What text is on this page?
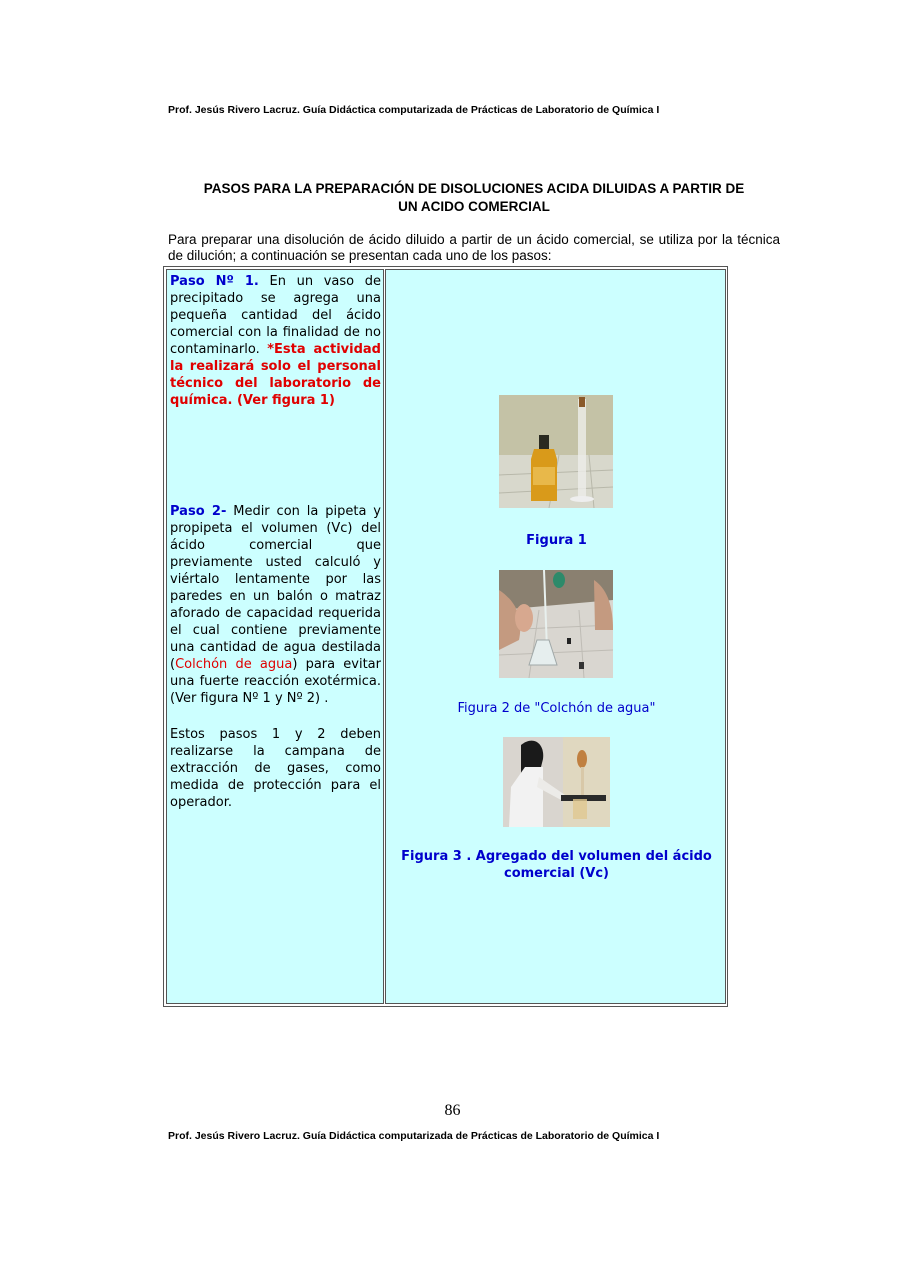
Prof. Jesús Rivero Lacruz. Guía Didáctica computarizada de Prácticas de Laboratorio de Química I
PASOS PARA LA PREPARACIÓN DE DISOLUCIONES ACIDA DILUIDAS A PARTIR DE
UN ACIDO COMERCIAL
Para preparar una disolución de ácido diluido a partir de un ácido comercial, se utiliza por la técnica de dilución; a continuación se presentan cada uno de los pasos:

Paso Nº 1. En un vaso de precipitado se agrega una pequeña cantidad del ácido comercial con la finalidad de no contaminarlo. *Esta actividad la realizará solo el personal técnico del laboratorio de química. (Ver figura 1)

Paso 2- Medir con la pipeta y propipeta el volumen (Vc) del ácido comercial que previamente usted calculó y viértalo lentamente por las paredes en un balón o matraz aforado de capacidad requerida el cual contiene previamente una cantidad de agua destilada (Colchón de agua) para evitar una fuerte reacción exotérmica. (Ver figura Nº 1 y Nº 2) .

Estos pasos 1 y 2 deben realizarse la campana de extracción de gases, como medida de protección para el operador.

Figura 1
Figura 2 de "Colchón de agua"
Figura 3 . Agregado del volumen del ácido comercial (Vc)
86
Prof. Jesús Rivero Lacruz. Guía Didáctica computarizada de Prácticas de Laboratorio de Química I
